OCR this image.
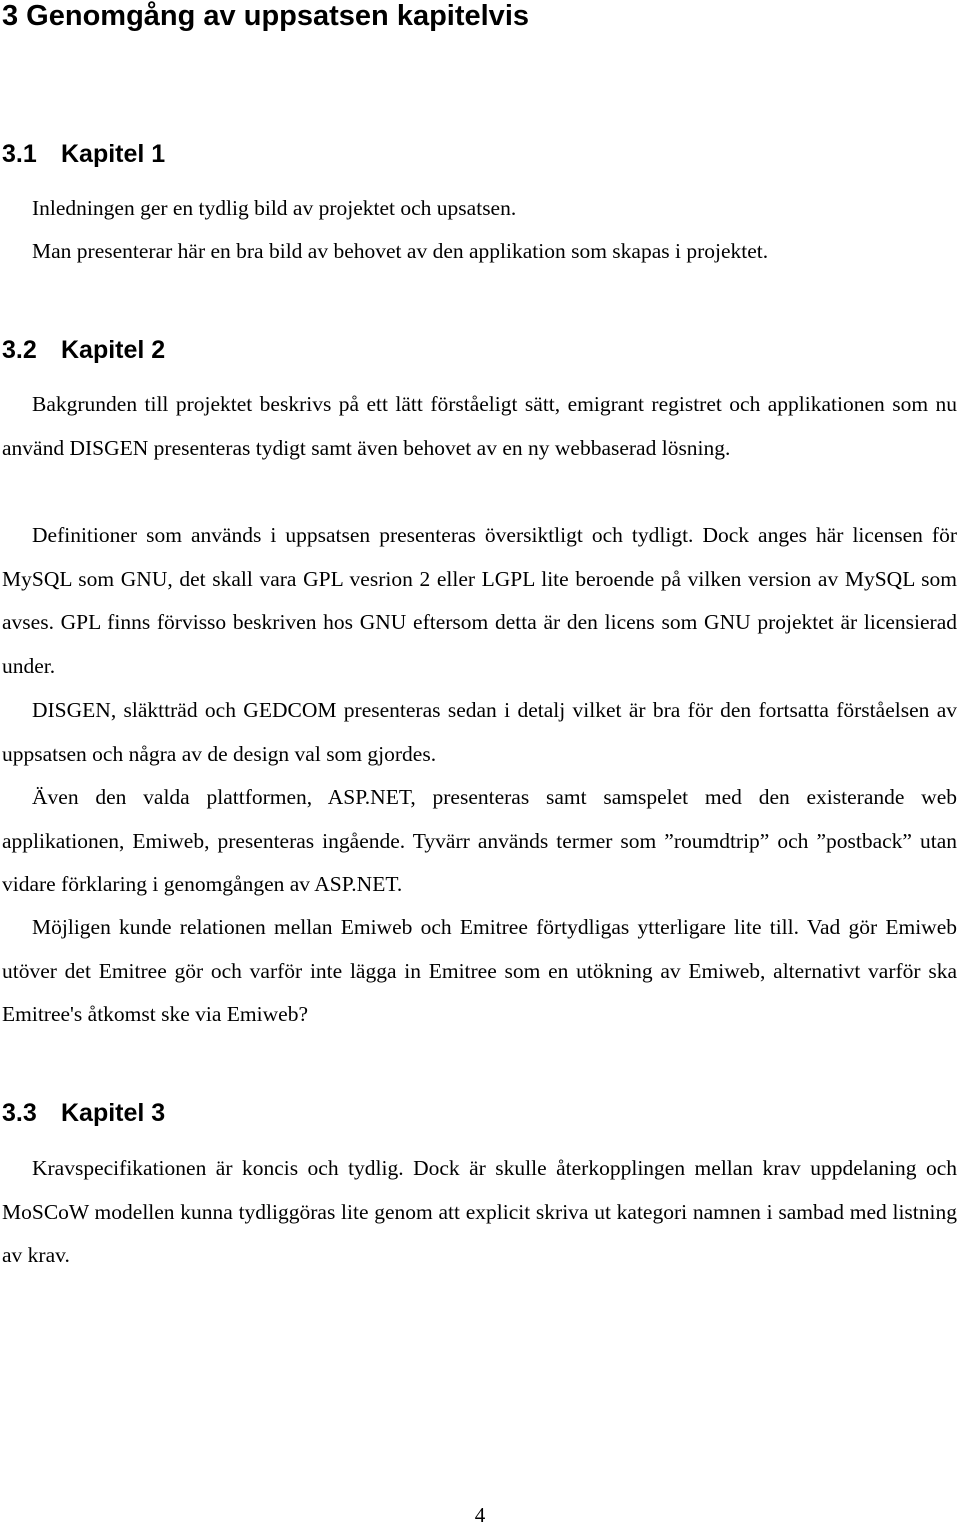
3 Genomgång av uppsatsen kapitelvis
3.1 Kapitel 1
Inledningen ger en tydlig bild av projektet och upsatsen.
Man presenterar här en bra bild av behovet av den applikation som skapas i projektet.
3.2 Kapitel 2
Bakgrunden till projektet beskrivs på ett lätt förståeligt sätt, emigrant registret och applikationen som nu använd DISGEN presenteras tydigt samt även behovet av en ny webbaserad lösning.
Definitioner som används i uppsatsen presenteras översiktligt och tydligt. Dock anges här licensen för MySQL som GNU, det skall vara GPL vesrion 2 eller LGPL lite beroende på vilken version av MySQL som avses. GPL finns förvisso beskriven hos GNU eftersom detta är den licens som GNU projektet är licensierad under.
DISGEN, släktträd och GEDCOM presenteras sedan i detalj vilket är bra för den fortsatta förståelsen av uppsatsen och några av de design val som gjordes.
Även den valda plattformen, ASP.NET, presenteras samt samspelet med den existerande web applikationen, Emiweb, presenteras ingående. Tyvärr används termer som ”roumdtrip” och ”postback” utan vidare förklaring i genomgången av ASP.NET.
Möjligen kunde relationen mellan Emiweb och Emitree förtydligas ytterligare lite till. Vad gör Emiweb utöver det Emitree gör och varför inte lägga in Emitree som en utökning av Emiweb, alternativt varför ska Emitree's åtkomst ske via Emiweb?
3.3 Kapitel 3
Kravspecifikationen är koncis och tydlig. Dock är skulle återkopplingen mellan krav uppdelaning och MoSCoW modellen kunna tydliggöras lite genom att explicit skriva ut kategori namnen i sambad med listning av krav.
4
